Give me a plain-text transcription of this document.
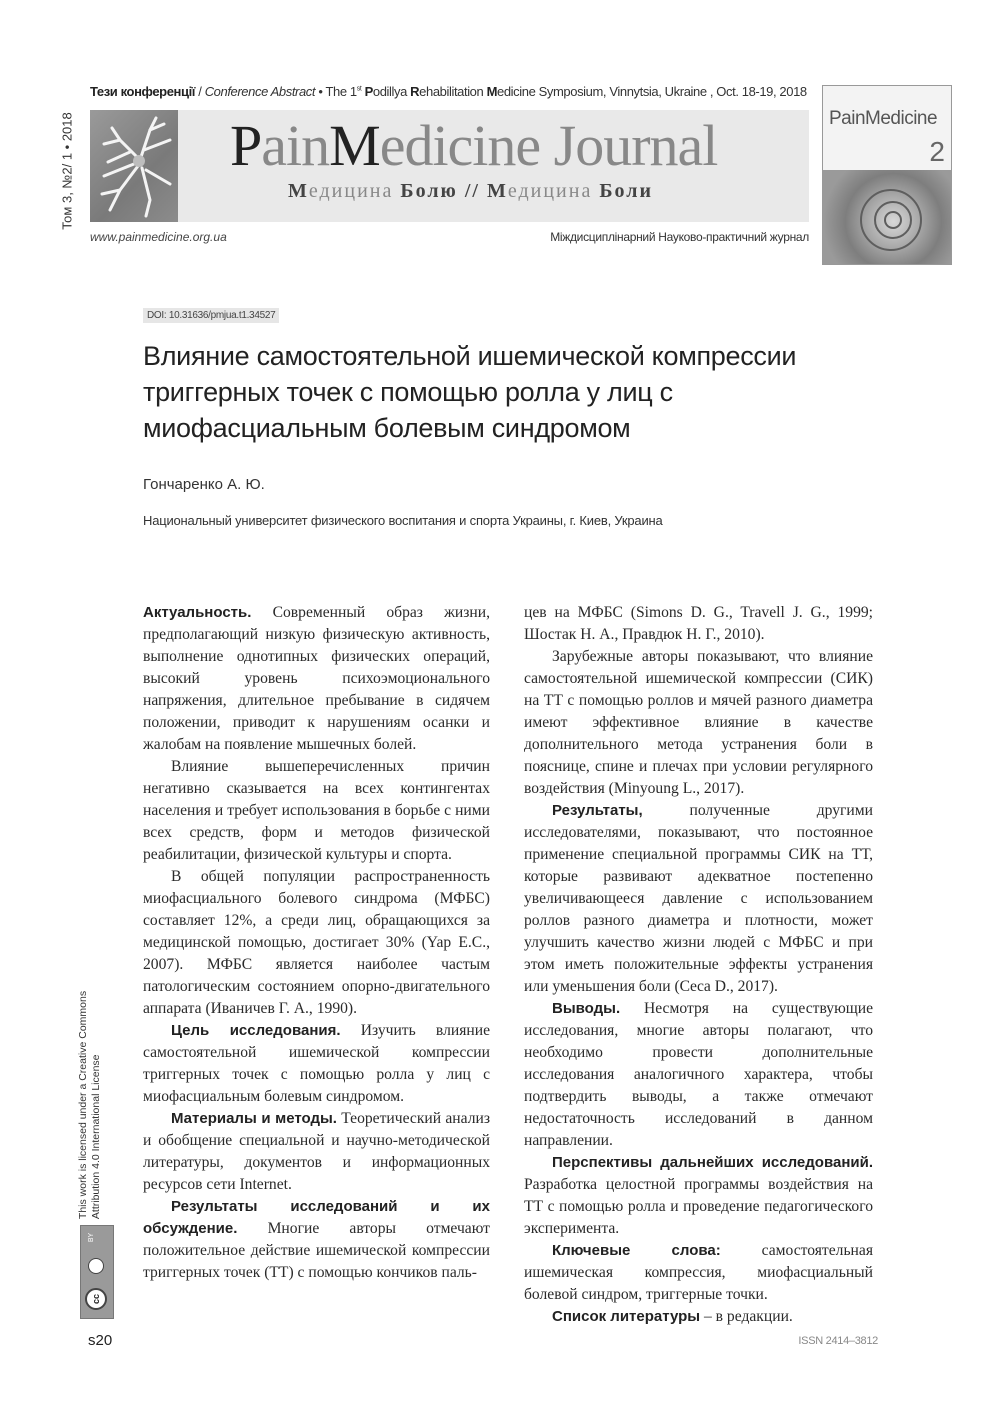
Тези конференції / Conference Abstract • The 1st Podillya Rehabilitation Medicine Symposium, Vinnytsia, Ukraine , Oct. 18-19, 2018
Том 3, №2/ 1 • 2018	PainMedicine Journal
Медицина Болю // Медицина Боли
www.painmedicine.org.ua	Міждисциплінарний Науково-практичний журнал
PainMedicine
2
DOI: 10.31636/pmjua.t1.34527
Влияние самостоятельной ишемической компрессии триггерных точек с помощью ролла у лиц с миофасциальным болевым синдромом
Гончаренко А. Ю.
Национальный университет физического воспитания и спорта Украины, г. Киев, Украина

Актуальность. Современный образ жизни, предполагающий низкую физическую активность, выполнение однотипных физических операций, высокий уровень психоэмоционального напряжения, длительное пребывание в сидячем положении, приводит к нарушениям осанки и жалобам на появление мышечных болей.

Влияние вышеперечисленных причин негативно сказывается на всех контингентах населения и требует использования в борьбе с ними всех средств, форм и методов физической реабилитации, физической культуры и спорта.

В общей популяции распространенность миофасциального болевого синдрома (МФБС) составляет 12%, а среди лиц, обращающихся за медицинской помощью, достигает 30% (Yap E.C., 2007). МФБС является наиболее частым патологическим состоянием опорно-двигательного аппарата (Иваничев Г. А., 1990).

Цель исследования. Изучить влияние самостоятельной ишемической компрессии триггерных точек с помощью ролла у лиц с миофасциальным болевым синдромом.

Материалы и методы. Теоретический анализ и обобщение специальной и научно-методической литературы, документов и информационных ресурсов сети Internet.

Результаты исследований и их обсуждение. Многие авторы отмечают положительное действие ишемической компрессии триггерных точек (ТТ) с помощью кончиков паль-

цев на МФБС (Simons D. G., Travell J. G., 1999; Шостак Н. А., Правдюк Н. Г., 2010).

Зарубежные авторы показывают, что влияние самостоятельной ишемической компрессии (СИК) на ТТ с помощью роллов и мячей разного диаметра имеют эффективное влияние в качестве дополнительного метода устранения боли в пояснице, спине и плечах при условии регулярного воздействия (Minyoung L., 2017).

Результаты, полученные другими исследователями, показывают, что постоянное применение специальной программы СИК на ТТ, которые развивают адекватное постепенно увеличивающееся давление с использованием роллов разного диаметра и плотности, может улучшить качество жизни людей с МФБС и при этом иметь положительные эффекты устранения или уменьшения боли (Ceca D., 2017).

Выводы. Несмотря на существующие исследования, многие авторы полагают, что необходимо провести дополнительные исследования аналогичного характера, чтобы подтвердить выводы, а также отмечают недостаточность исследований в данном направлении.

Перспективы дальнейших исследований. Разработка целостной программы воздействия на ТТ с помощью ролла и проведение педагогического эксперимента.

Ключевые слова: самостоятельная ишемическая компрессия, миофасциальный болевой синдром, триггерные точки.

Список литературы – в редакции.

This work is licensed under a Creative Commons Attribution 4.0 International License
BY
cc
s20	ISSN 2414–3812
